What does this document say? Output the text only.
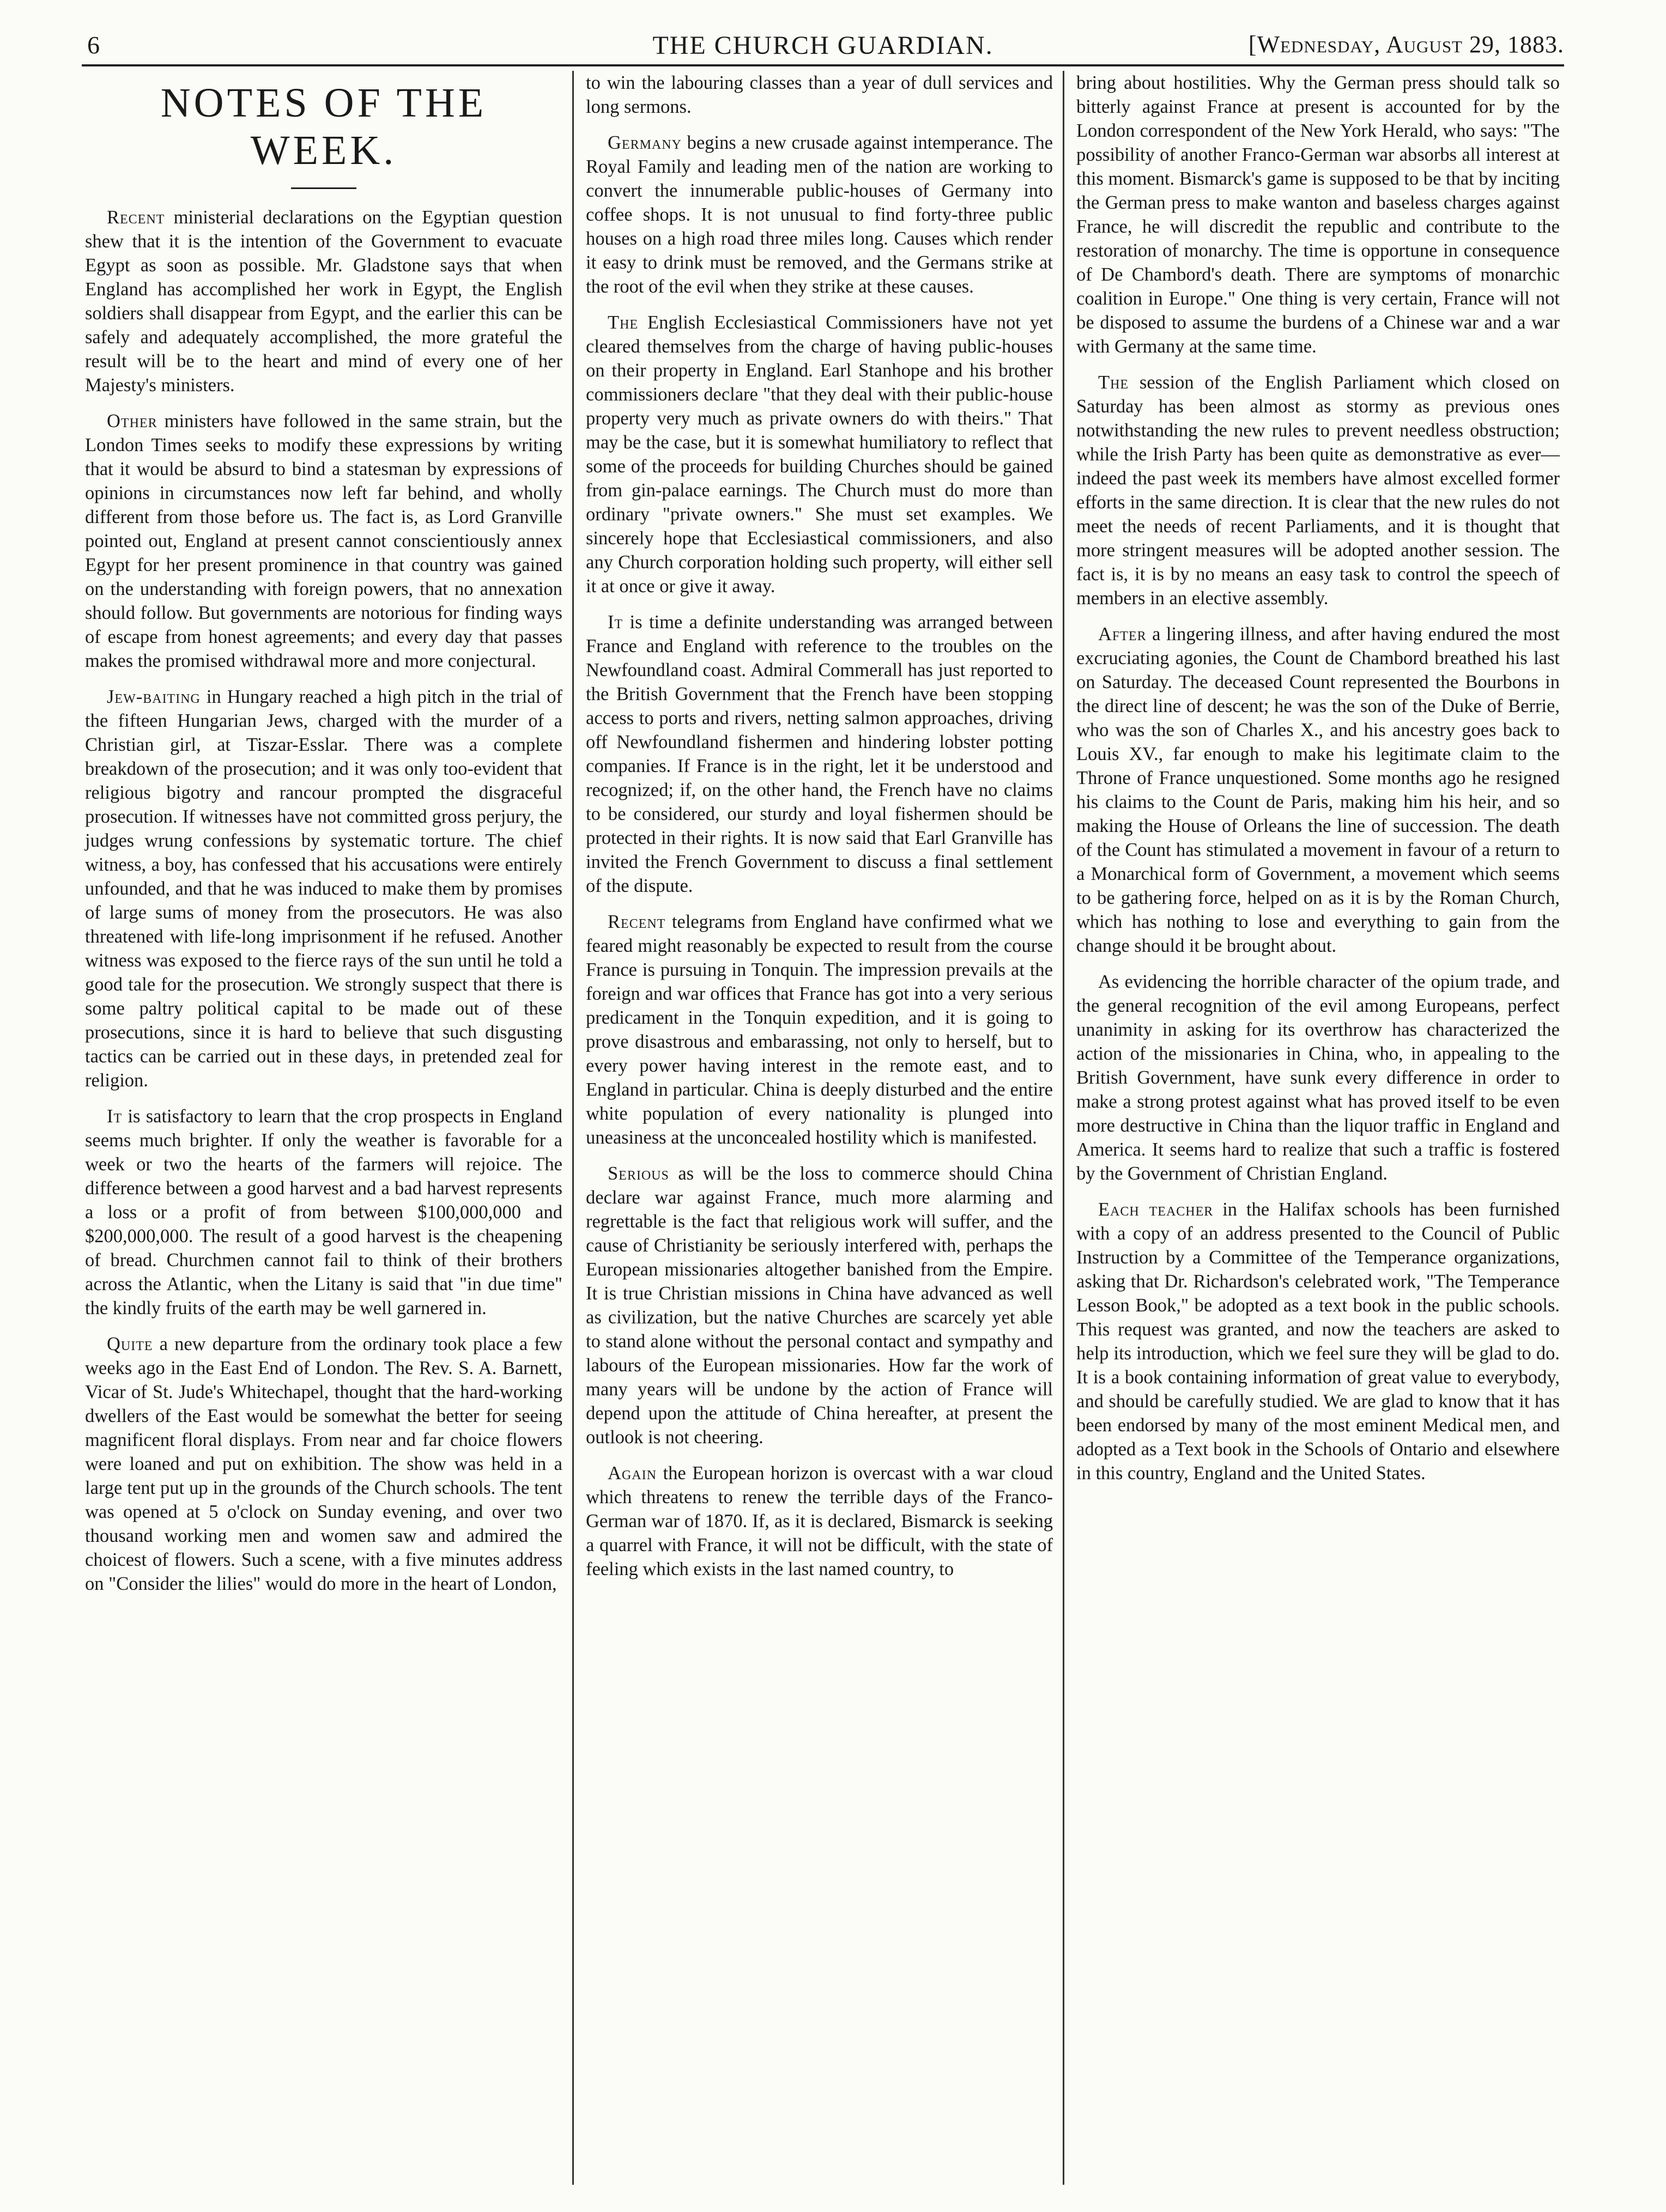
6	THE CHURCH GUARDIAN.	[Wednesday, August 29, 1883.
NOTES OF THE WEEK.

Recent ministerial declarations on the Egyptian question shew that it is the intention of the Government to evacuate Egypt as soon as possible. Mr. Gladstone says that when England has accomplished her work in Egypt, the English soldiers shall disappear from Egypt, and the earlier this can be safely and adequately accomplished, the more grateful the result will be to the heart and mind of every one of her Majesty's ministers.

Other ministers have followed in the same strain, but the London Times seeks to modify these expressions by writing that it would be absurd to bind a statesman by expressions of opinions in circumstances now left far behind, and wholly different from those before us. The fact is, as Lord Granville pointed out, England at present cannot conscientiously annex Egypt for her present prominence in that country was gained on the understanding with foreign powers, that no annexation should follow. But governments are notorious for finding ways of escape from honest agreements; and every day that passes makes the promised withdrawal more and more conjectural.

Jew-baiting in Hungary reached a high pitch in the trial of the fifteen Hungarian Jews, charged with the murder of a Christian girl, at Tiszar-Esslar. There was a complete breakdown of the prosecution; and it was only too-evident that religious bigotry and rancour prompted the disgraceful prosecution. If witnesses have not committed gross perjury, the judges wrung confessions by systematic torture. The chief witness, a boy, has confessed that his accusations were entirely unfounded, and that he was induced to make them by promises of large sums of money from the prosecutors. He was also threatened with life-long imprisonment if he refused. Another witness was exposed to the fierce rays of the sun until he told a good tale for the prosecution. We strongly suspect that there is some paltry political capital to be made out of these prosecutions, since it is hard to believe that such disgusting tactics can be carried out in these days, in pretended zeal for religion.

It is satisfactory to learn that the crop prospects in England seems much brighter. If only the weather is favorable for a week or two the hearts of the farmers will rejoice. The difference between a good harvest and a bad harvest represents a loss or a profit of from between $100,000,000 and $200,000,000. The result of a good harvest is the cheapening of bread. Churchmen cannot fail to think of their brothers across the Atlantic, when the Litany is said that "in due time" the kindly fruits of the earth may be well garnered in.

Quite a new departure from the ordinary took place a few weeks ago in the East End of London. The Rev. S. A. Barnett, Vicar of St. Jude's Whitechapel, thought that the hard-working dwellers of the East would be somewhat the better for seeing magnificent floral displays. From near and far choice flowers were loaned and put on exhibition. The show was held in a large tent put up in the grounds of the Church schools. The tent was opened at 5 o'clock on Sunday evening, and over two thousand working men and women saw and admired the choicest of flowers. Such a scene, with a five minutes address on "Consider the lilies" would do more in the heart of London,

to win the labouring classes than a year of dull services and long sermons.

Germany begins a new crusade against intemperance. The Royal Family and leading men of the nation are working to convert the innumerable public-houses of Germany into coffee shops. It is not unusual to find forty-three public houses on a high road three miles long. Causes which render it easy to drink must be removed, and the Germans strike at the root of the evil when they strike at these causes.

The English Ecclesiastical Commissioners have not yet cleared themselves from the charge of having public-houses on their property in England. Earl Stanhope and his brother commissioners declare "that they deal with their public-house property very much as private owners do with theirs." That may be the case, but it is somewhat humiliatory to reflect that some of the proceeds for building Churches should be gained from gin-palace earnings. The Church must do more than ordinary "private owners." She must set examples. We sincerely hope that Ecclesiastical commissioners, and also any Church corporation holding such property, will either sell it at once or give it away.

It is time a definite understanding was arranged between France and England with reference to the troubles on the Newfoundland coast. Admiral Commerall has just reported to the British Government that the French have been stopping access to ports and rivers, netting salmon approaches, driving off Newfoundland fishermen and hindering lobster potting companies. If France is in the right, let it be understood and recognized; if, on the other hand, the French have no claims to be considered, our sturdy and loyal fishermen should be protected in their rights. It is now said that Earl Granville has invited the French Government to discuss a final settlement of the dispute.

Recent telegrams from England have confirmed what we feared might reasonably be expected to result from the course France is pursuing in Tonquin. The impression prevails at the foreign and war offices that France has got into a very serious predicament in the Tonquin expedition, and it is going to prove disastrous and embarassing, not only to herself, but to every power having interest in the remote east, and to England in particular. China is deeply disturbed and the entire white population of every nationality is plunged into uneasiness at the unconcealed hostility which is manifested.

Serious as will be the loss to commerce should China declare war against France, much more alarming and regrettable is the fact that religious work will suffer, and the cause of Christianity be seriously interfered with, perhaps the European missionaries altogether banished from the Empire. It is true Christian missions in China have advanced as well as civilization, but the native Churches are scarcely yet able to stand alone without the personal contact and sympathy and labours of the European missionaries. How far the work of many years will be undone by the action of France will depend upon the attitude of China hereafter, at present the outlook is not cheering.

Again the European horizon is overcast with a war cloud which threatens to renew the terrible days of the Franco-German war of 1870. If, as it is declared, Bismarck is seeking a quarrel with France, it will not be difficult, with the state of feeling which exists in the last named country, to

bring about hostilities. Why the German press should talk so bitterly against France at present is accounted for by the London correspondent of the New York Herald, who says: "The possibility of another Franco-German war absorbs all interest at this moment. Bismarck's game is supposed to be that by inciting the German press to make wanton and baseless charges against France, he will discredit the republic and contribute to the restoration of monarchy. The time is opportune in consequence of De Chambord's death. There are symptoms of monarchic coalition in Europe." One thing is very certain, France will not be disposed to assume the burdens of a Chinese war and a war with Germany at the same time.

The session of the English Parliament which closed on Saturday has been almost as stormy as previous ones notwithstanding the new rules to prevent needless obstruction; while the Irish Party has been quite as demonstrative as ever—indeed the past week its members have almost excelled former efforts in the same direction. It is clear that the new rules do not meet the needs of recent Parliaments, and it is thought that more stringent measures will be adopted another session. The fact is, it is by no means an easy task to control the speech of members in an elective assembly.

After a lingering illness, and after having endured the most excruciating agonies, the Count de Chambord breathed his last on Saturday. The deceased Count represented the Bourbons in the direct line of descent; he was the son of the Duke of Berrie, who was the son of Charles X., and his ancestry goes back to Louis XV., far enough to make his legitimate claim to the Throne of France unquestioned. Some months ago he resigned his claims to the Count de Paris, making him his heir, and so making the House of Orleans the line of succession. The death of the Count has stimulated a movement in favour of a return to a Monarchical form of Government, a movement which seems to be gathering force, helped on as it is by the Roman Church, which has nothing to lose and everything to gain from the change should it be brought about.

As evidencing the horrible character of the opium trade, and the general recognition of the evil among Europeans, perfect unanimity in asking for its overthrow has characterized the action of the missionaries in China, who, in appealing to the British Government, have sunk every difference in order to make a strong protest against what has proved itself to be even more destructive in China than the liquor traffic in England and America. It seems hard to realize that such a traffic is fostered by the Government of Christian England.

Each teacher in the Halifax schools has been furnished with a copy of an address presented to the Council of Public Instruction by a Committee of the Temperance organizations, asking that Dr. Richardson's celebrated work, "The Temperance Lesson Book," be adopted as a text book in the public schools. This request was granted, and now the teachers are asked to help its introduction, which we feel sure they will be glad to do. It is a book containing information of great value to everybody, and should be carefully studied. We are glad to know that it has been endorsed by many of the most eminent Medical men, and adopted as a Text book in the Schools of Ontario and elsewhere in this country, England and the United States.
